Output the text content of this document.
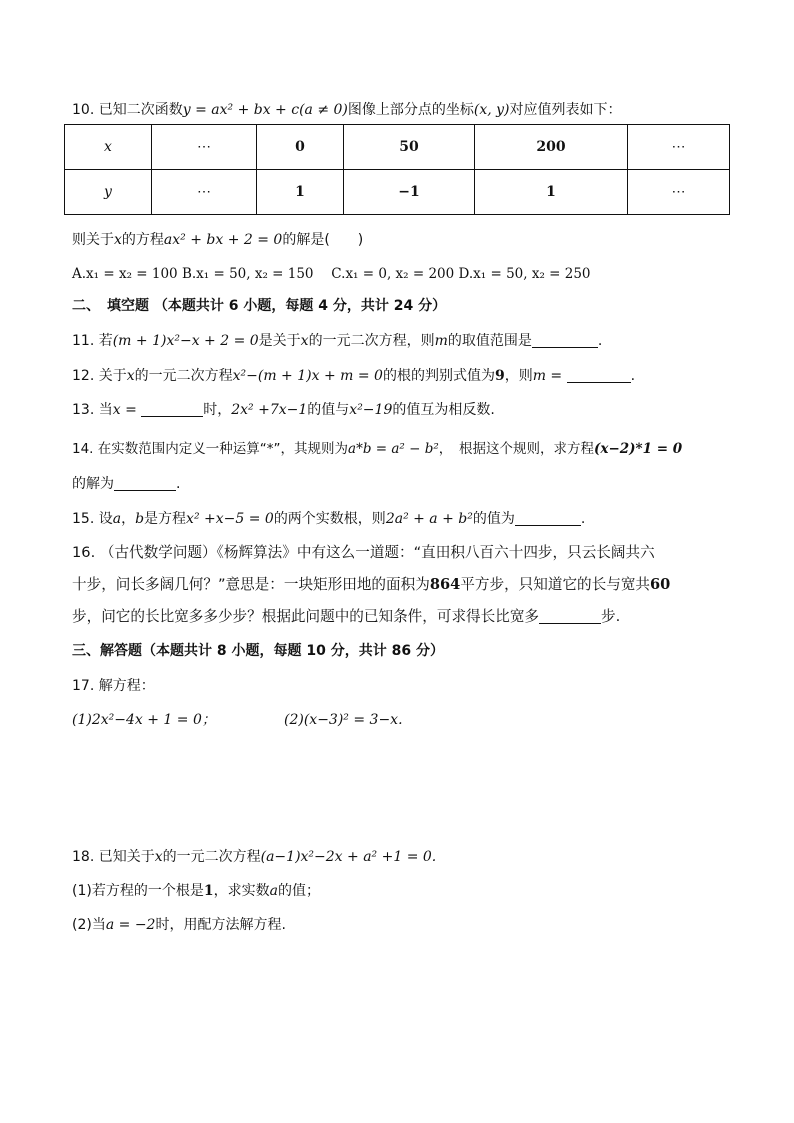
10. 已知二次函数y = ax² + bx + c(a ≠ 0)图像上部分点的坐标(x, y)对应值列表如下：
x	⋯	0	50	200	⋯
y	⋯	1	−1	1	⋯
则关于x的方程ax² + bx + 2 = 0的解是(　　)
A.x₁ = x₂ = 100 B.x₁ = 50, x₂ = 150　 C.x₁ = 0, x₂ = 200 D.x₁ = 50, x₂ = 250
二、　填空题 （本题共计 6 小题，每题 4 分，共计 24 分）
11. 若(m + 1)x²−x + 2 = 0是关于x的一元二次方程，则m的取值范围是	.
12. 关于x的一元二次方程x²−(m + 1)x + m = 0的根的判别式值为9，则m =	.
13. 当x =	时，2x² +7x−1的值与x²−19的值互为相反数.
14. 在实数范围内定义一种运算“*”，其规则为a*b = a² − b²，　根据这个规则，求方程(x−2)*1 = 0
的解为	.
15. 设a，b是方程x² +x−5 = 0的两个实数根，则2a² + a + b²的值为	.
16. （古代数学问题）《杨辉算法》中有这么一道题：“直田积八百六十四步，只云长阔共六
十步，问长多阔几何？”意思是：一块矩形田地的面积为864平方步，只知道它的长与宽共60
步，问它的长比宽多多少步？根据此问题中的已知条件，可求得长比宽多	步.
三、解答题（本题共计 8 小题，每题 10 分，共计 86 分）
17. 解方程：
(1)2x²−4x + 1 = 0；	(2)(x−3)² = 3−x.
18. 已知关于x的一元二次方程(a−1)x²−2x + a² +1 = 0.
(1)若方程的一个根是1，求实数a的值；
(2)当a = −2时，用配方法解方程.
